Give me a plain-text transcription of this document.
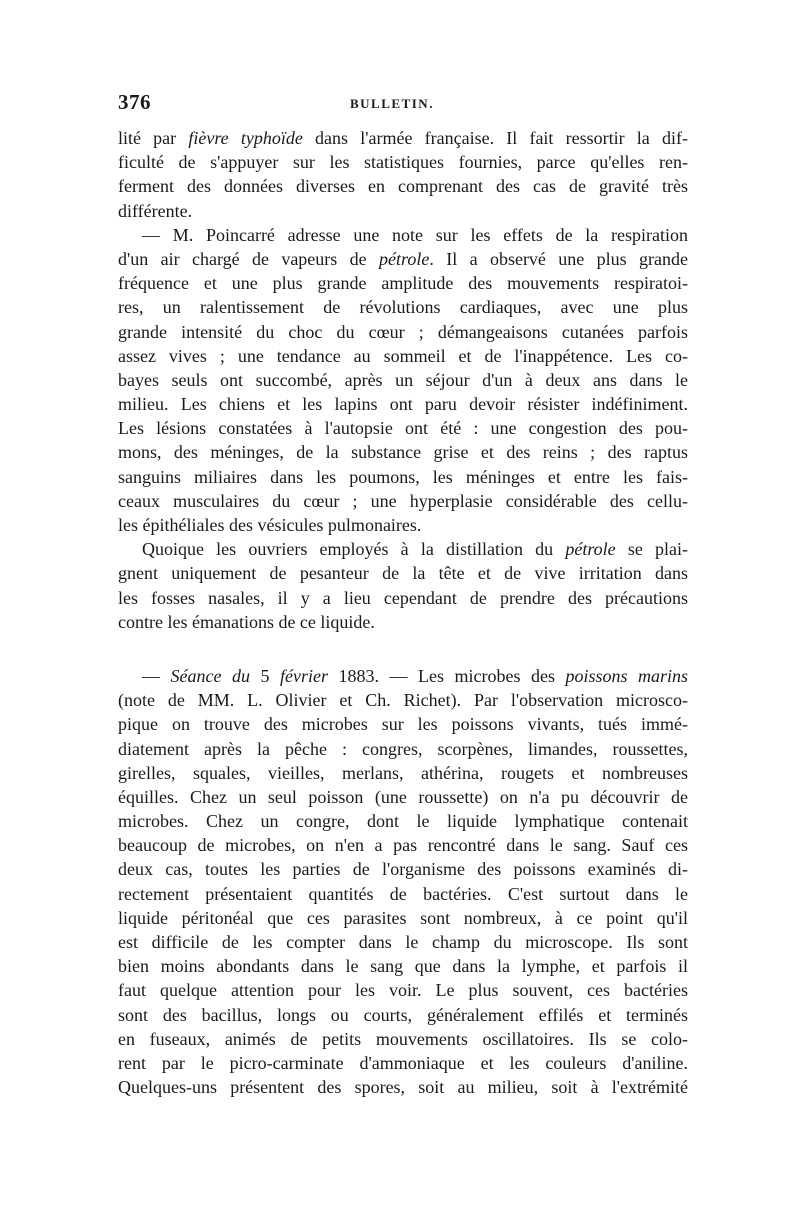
376	BULLETIN.
lité par fièvre typhoïde dans l'armée française. Il fait ressortir la dif-
ficulté de s'appuyer sur les statistiques fournies, parce qu'elles ren-
ferment des données diverses en comprenant des cas de gravité très
différente.
— M. Poincarré adresse une note sur les effets de la respiration
d'un air chargé de vapeurs de pétrole. Il a observé une plus grande
fréquence et une plus grande amplitude des mouvements respiratoi-
res, un ralentissement de révolutions cardiaques, avec une plus
grande intensité du choc du cœur ; démangeaisons cutanées parfois
assez vives ; une tendance au sommeil et de l'inappétence. Les co-
bayes seuls ont succombé, après un séjour d'un à deux ans dans le
milieu. Les chiens et les lapins ont paru devoir résister indéfiniment.
Les lésions constatées à l'autopsie ont été : une congestion des pou-
mons, des méninges, de la substance grise et des reins ; des raptus
sanguins miliaires dans les poumons, les méninges et entre les fais-
ceaux musculaires du cœur ; une hyperplasie considérable des cellu-
les épithéliales des vésicules pulmonaires.
Quoique les ouvriers employés à la distillation du pétrole se plai-
gnent uniquement de pesanteur de la tête et de vive irritation dans
les fosses nasales, il y a lieu cependant de prendre des précautions
contre les émanations de ce liquide.
— Séance du 5 février 1883. — Les microbes des poissons marins
(note de MM. L. Olivier et Ch. Richet). Par l'observation microsco-
pique on trouve des microbes sur les poissons vivants, tués immé-
diatement après la pêche : congres, scorpènes, limandes, roussettes,
girelles, squales, vieilles, merlans, athérina, rougets et nombreuses
équilles. Chez un seul poisson (une roussette) on n'a pu découvrir de
microbes. Chez un congre, dont le liquide lymphatique contenait
beaucoup de microbes, on n'en a pas rencontré dans le sang. Sauf ces
deux cas, toutes les parties de l'organisme des poissons examinés di-
rectement présentaient quantités de bactéries. C'est surtout dans le
liquide péritonéal que ces parasites sont nombreux, à ce point qu'il
est difficile de les compter dans le champ du microscope. Ils sont
bien moins abondants dans le sang que dans la lymphe, et parfois il
faut quelque attention pour les voir. Le plus souvent, ces bactéries
sont des bacillus, longs ou courts, généralement effilés et terminés
en fuseaux, animés de petits mouvements oscillatoires. Ils se colo-
rent par le picro-carminate d'ammoniaque et les couleurs d'aniline.
Quelques-uns présentent des spores, soit au milieu, soit à l'extrémité
